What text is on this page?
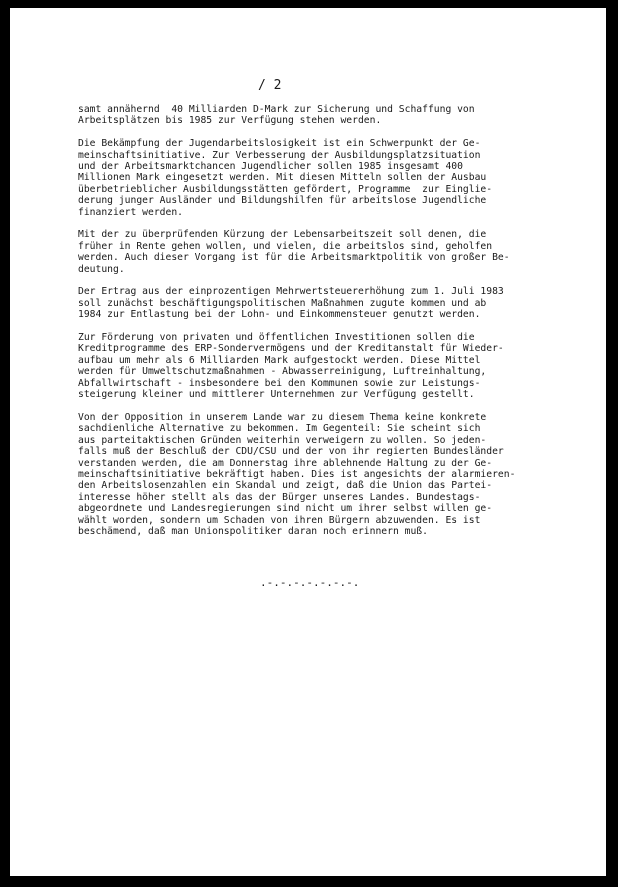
/ 2

samt annähernd  40 Milliarden D-Mark zur Sicherung und Schaffung von
Arbeitsplätzen bis 1985 zur Verfügung stehen werden.

Die Bekämpfung der Jugendarbeitslosigkeit ist ein Schwerpunkt der Ge-
meinschaftsinitiative. Zur Verbesserung der Ausbildungsplatzsituation
und der Arbeitsmarktchancen Jugendlicher sollen 1985 insgesamt 400
Millionen Mark eingesetzt werden. Mit diesen Mitteln sollen der Ausbau
überbetrieblicher Ausbildungsstätten gefördert, Programme  zur Einglie-
derung junger Ausländer und Bildungshilfen für arbeitslose Jugendliche
finanziert werden.

Mit der zu überprüfenden Kürzung der Lebensarbeitszeit soll denen, die
früher in Rente gehen wollen, und vielen, die arbeitslos sind, geholfen
werden. Auch dieser Vorgang ist für die Arbeitsmarktpolitik von großer Be-
deutung.

Der Ertrag aus der einprozentigen Mehrwertsteuererhöhung zum 1. Juli 1983
soll zunächst beschäftigungspolitischen Maßnahmen zugute kommen und ab
1984 zur Entlastung bei der Lohn- und Einkommensteuer genutzt werden.

Zur Förderung von privaten und öffentlichen Investitionen sollen die
Kreditprogramme des ERP-Sondervermögens und der Kreditanstalt für Wieder-
aufbau um mehr als 6 Milliarden Mark aufgestockt werden. Diese Mittel
werden für Umweltschutzmaßnahmen - Abwasserreinigung, Luftreinhaltung,
Abfallwirtschaft - insbesondere bei den Kommunen sowie zur Leistungs-
steigerung kleiner und mittlerer Unternehmen zur Verfügung gestellt.

Von der Opposition in unserem Lande war zu diesem Thema keine konkrete
sachdienliche Alternative zu bekommen. Im Gegenteil: Sie scheint sich
aus parteitaktischen Gründen weiterhin verweigern zu wollen. So jeden-
falls muß der Beschluß der CDU/CSU und der von ihr regierten Bundesländer
verstanden werden, die am Donnerstag ihre ablehnende Haltung zu der Ge-
meinschaftsinitiative bekräftigt haben. Dies ist angesichts der alarmieren-
den Arbeitslosenzahlen ein Skandal und zeigt, daß die Union das Partei-
interesse höher stellt als das der Bürger unseres Landes. Bundestags-
abgeordnete und Landesregierungen sind nicht um ihrer selbst willen ge-
wählt worden, sondern um Schaden von ihren Bürgern abzuwenden. Es ist
beschämend, daß man Unionspolitiker daran noch erinnern muß.

.-.-.-.-.-.-.-.
